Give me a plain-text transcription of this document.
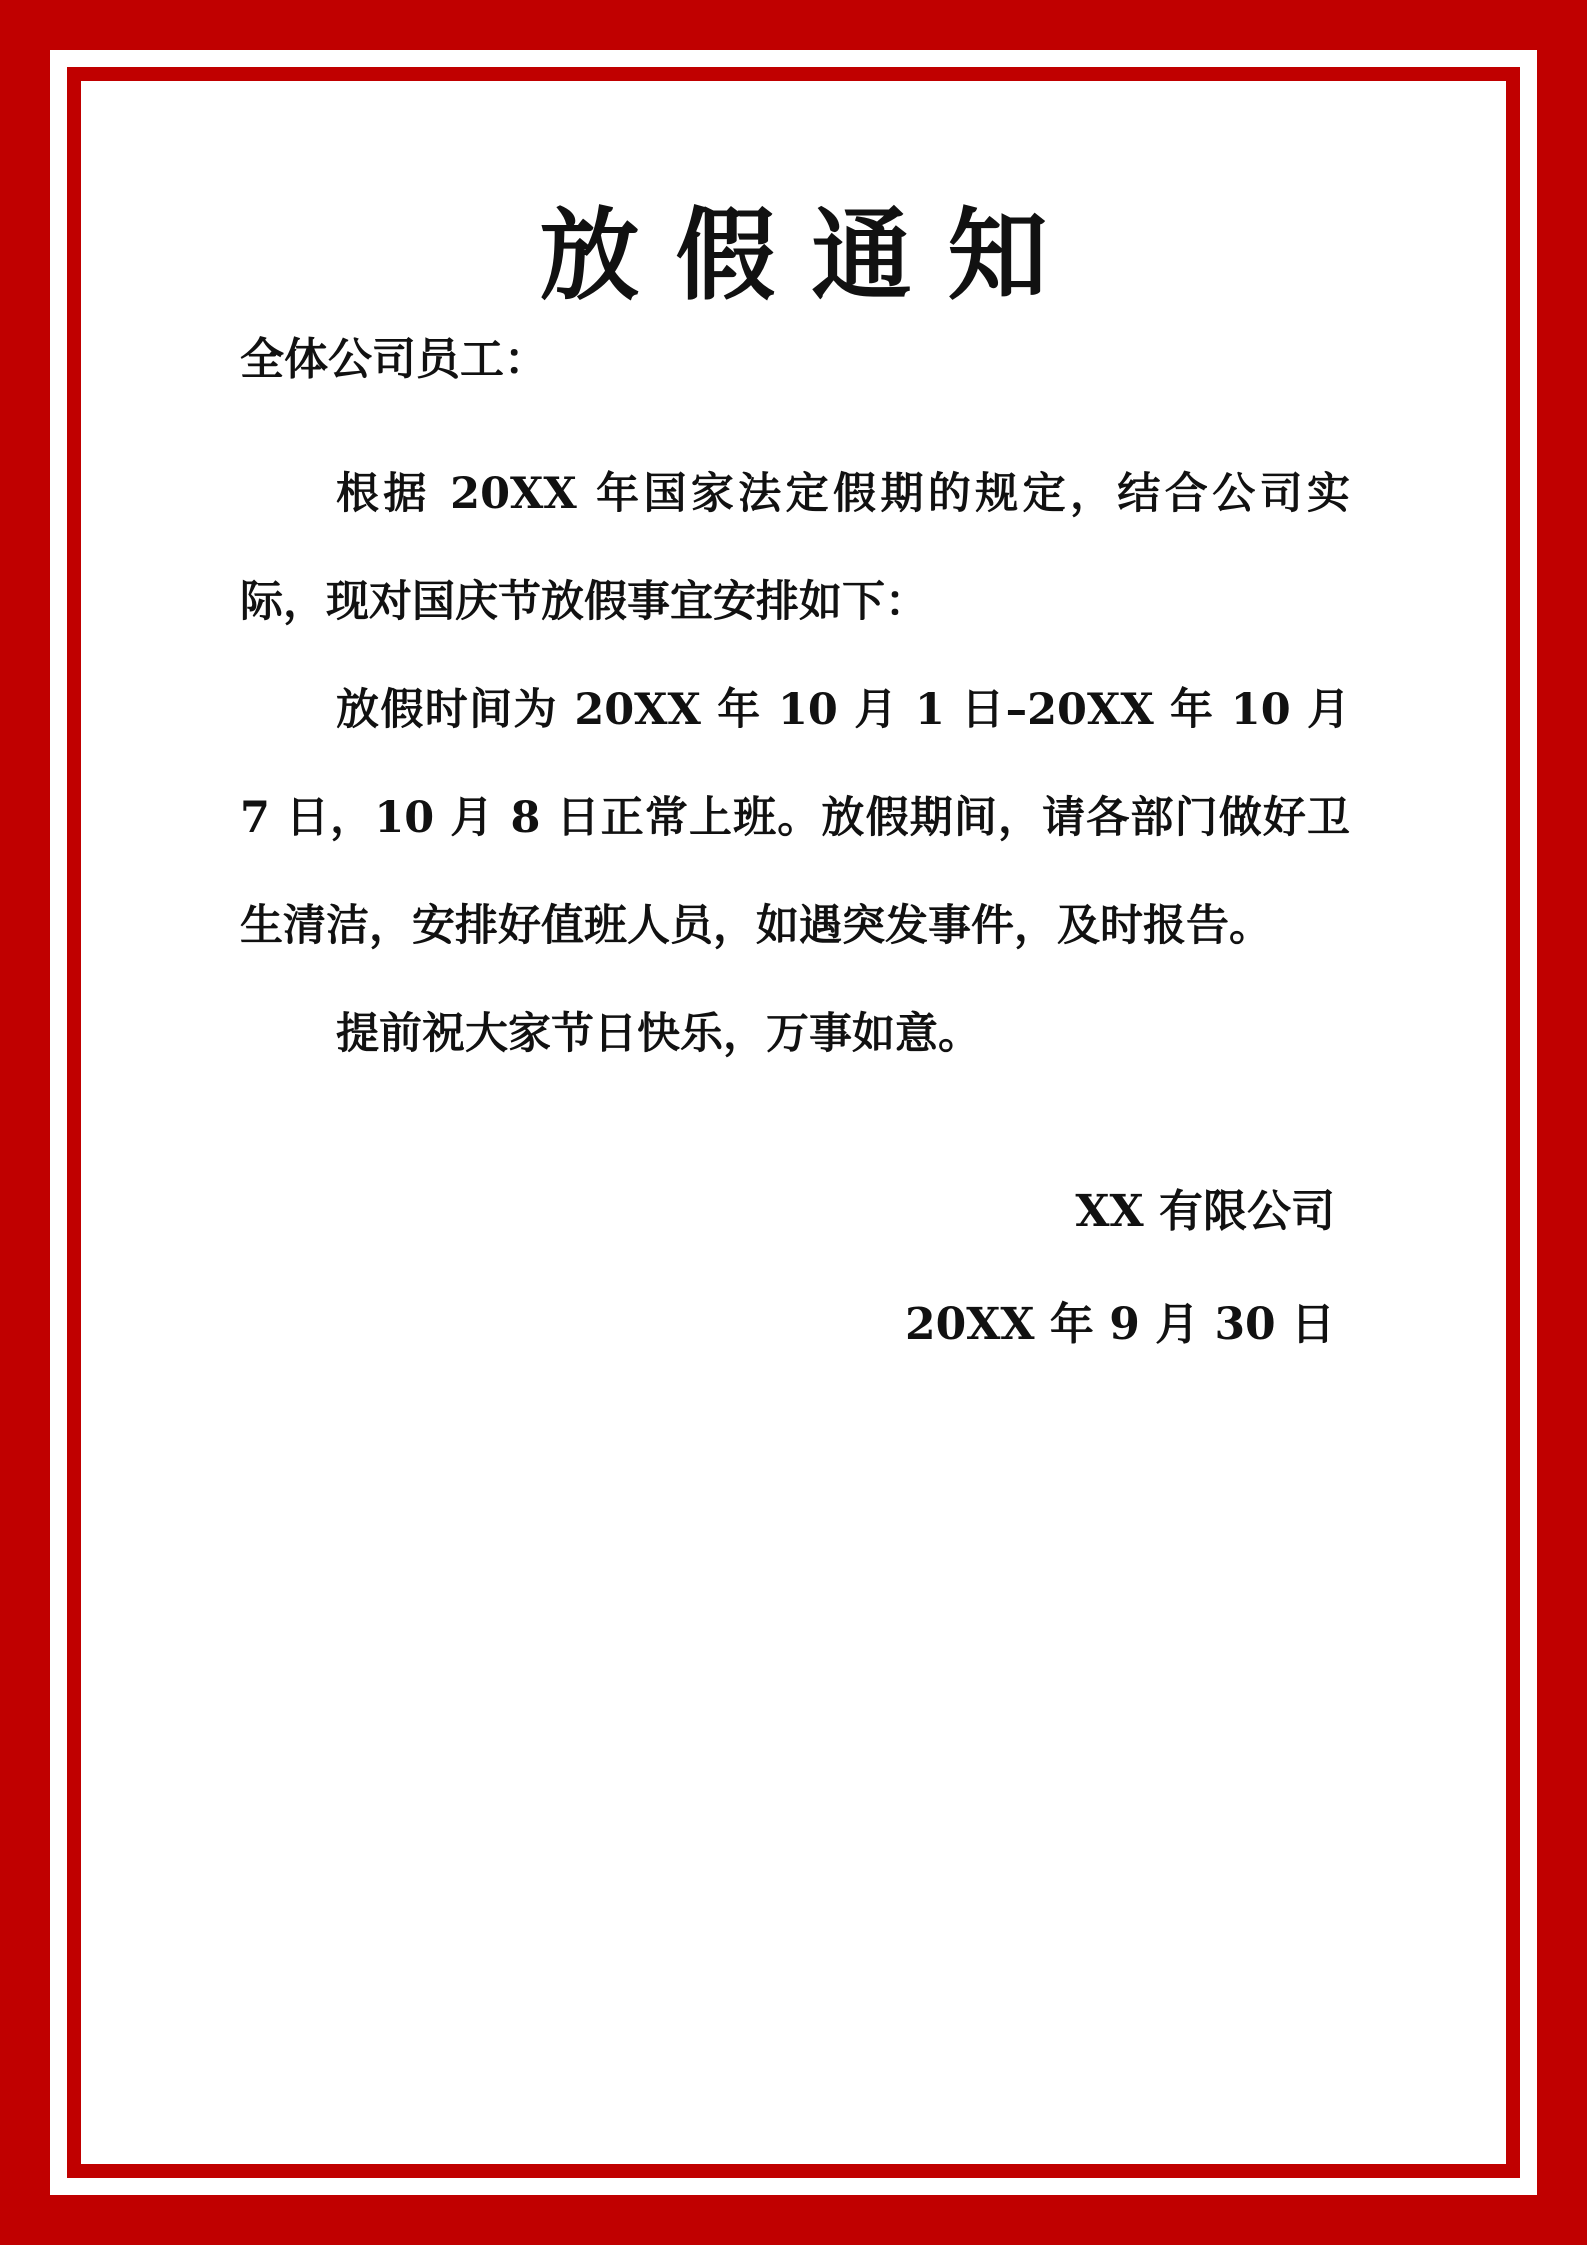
放假通知
全体公司员工：

根据 20XX 年国家法定假期的规定，结合公司实际，现对国庆节放假事宜安排如下：

放假时间为 20XX 年 10 月 1 日–20XX 年 10 月 7 日，10 月 8 日正常上班。放假期间，请各部门做好卫生清洁，安排好值班人员，如遇突发事件，及时报告。

提前祝大家节日快乐，万事如意。

XX 有限公司
20XX 年 9 月 30 日
